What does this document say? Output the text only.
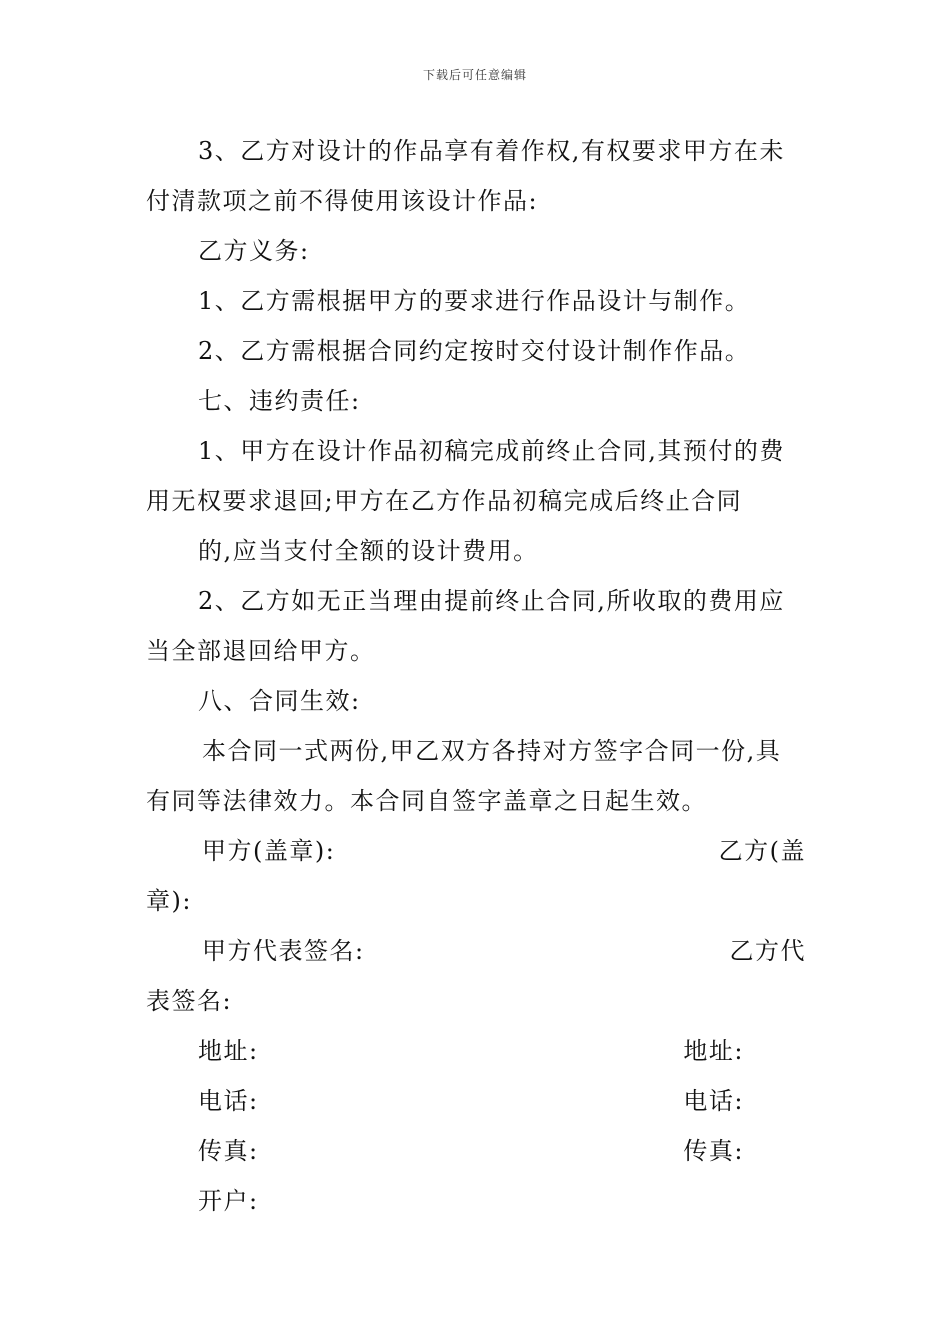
下载后可任意编辑

3、乙方对设计的作品享有着作权,有权要求甲方在未

付清款项之前不得使用该设计作品:

乙方义务:

1、乙方需根据甲方的要求进行作品设计与制作。

2、乙方需根据合同约定按时交付设计制作作品。

七、违约责任:

1、甲方在设计作品初稿完成前终止合同,其预付的费

用无权要求退回;甲方在乙方作品初稿完成后终止合同

的,应当支付全额的设计费用。

2、乙方如无正当理由提前终止合同,所收取的费用应

当全部退回给甲方。

八、合同生效:

本合同一式两份,甲乙双方各持对方签字合同一份,具

有同等法律效力。本合同自签字盖章之日起生效。

甲方(盖章):	乙方(盖

章):

甲方代表签名:	乙方代

表签名:

地址:	地址:
电话:	电话:
传真:	传真:

开户:
